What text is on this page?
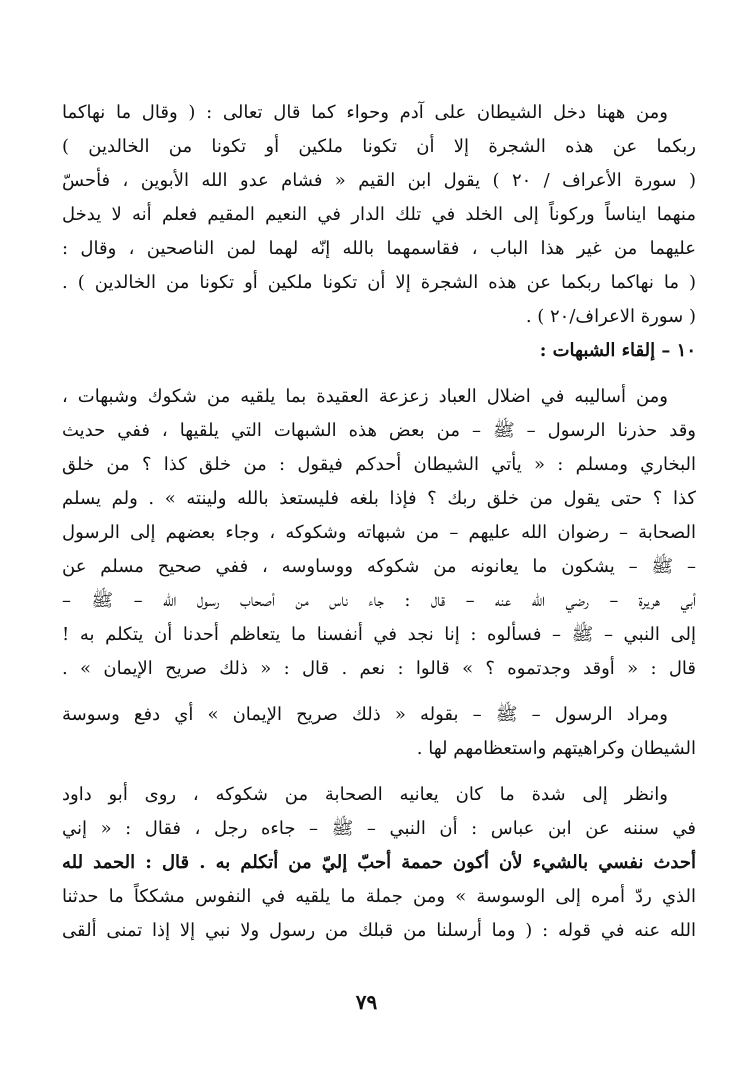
ومن ههنا دخل الشيطان على آدم وحواء كما قال تعالى : ( وقال ما نهاكما
ربكما عن هذه الشجرة إلا أن تكونا ملكين أو تكونا من الخالدين )
( سورة الأعراف / ٢٠ ) يقول ابن القيم « فشام عدو الله الأبوين ، فأحسّ
منهما ايناساً وركوناً إلى الخلد في تلك الدار في النعيم المقيم فعلم أنه لا يدخل
عليهما من غير هذا الباب ، فقاسمهما بالله إنّه لهما لمن الناصحين ، وقال :
( ما نهاكما ربكما عن هذه الشجرة إلا أن تكونا ملكين أو تكونا من الخالدين ) .
( سورة الاعراف/٢٠ ) .
١٠ – إلقاء الشبهات :
ومن أساليبه في اضلال العباد زعزعة العقيدة بما يلقيه من شكوك وشبهات ،
وقد حذرنا الرسول – ﷺ – من بعض هذه الشبهات التي يلقيها ، ففي حديث
البخاري ومسلم : « يأتي الشيطان أحدكم فيقول : من خلق كذا ؟ من خلق
كذا ؟ حتى يقول من خلق ربك ؟ فإذا بلغه فليستعذ بالله ولينته » . ولم يسلم
الصحابة – رضوان الله عليهم – من شبهاته وشكوكه ، وجاء بعضهم إلى الرسول
– ﷺ – يشكون ما يعانونه من شكوكه ووساوسه ، ففي صحيح مسلم عن
أبي هريرة – رضي الله عنه – قال : جاء ناس من أصحاب رسول الله – ﷺ –
إلى النبي – ﷺ – فسألوه : إنا نجد في أنفسنا ما يتعاظم أحدنا أن يتكلم به !
قال : « أوقد وجدتموه ؟ » قالوا : نعم . قال : « ذلك صريح الإيمان » .
ومراد الرسول – ﷺ – بقوله « ذلك صريح الإيمان » أي دفع وسوسة
الشيطان وكراهيتهم واستعظامهم لها .
وانظر إلى شدة ما كان يعانيه الصحابة من شكوكه ، روى أبو داود
في سننه عن ابن عباس : أن النبي – ﷺ – جاءه رجل ، فقال : « إني
أحدث نفسي بالشيء لأن أكون حممة أحبّ إليّ من أتكلم به . قال : الحمد لله
الذي ردّ أمره إلى الوسوسة » ومن جملة ما يلقيه في النفوس مشككاً ما حدثنا
الله عنه في قوله : ( وما أرسلنا من قبلك من رسول ولا نبي إلا إذا تمنى ألقى
٧٩
